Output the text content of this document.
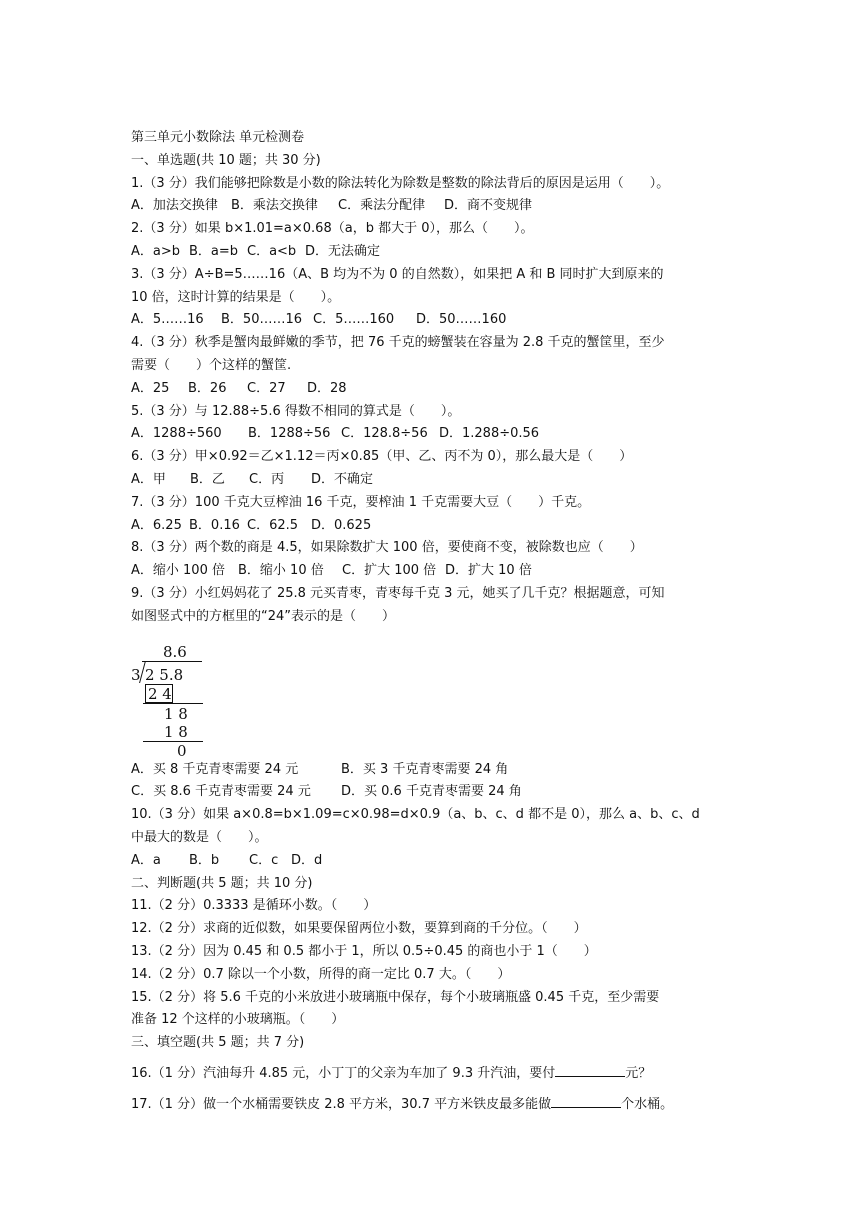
第三单元小数除法 单元检测卷
一、单选题(共 10 题；共 30 分)
1.（3 分）我们能够把除数是小数的除法转化为除数是整数的除法背后的原因是运用（　　）。
A．加法交换律	B．乘法交换律	C．乘法分配律	D．商不变规律
2.（3 分）如果 b×1.01=a×0.68（a，b 都大于 0），那么（　　）。
A．a>b B．a=b C．a<b D．无法确定
3.（3 分）A÷B=5……16（A、B 均为不为 0 的自然数），如果把 A 和 B 同时扩大到原来的
10 倍，这时计算的结果是（　　）。
A．5……16	B．50……16 C．5……160	D．50……160
4.（3 分）秋季是蟹肉最鲜嫩的季节，把 76 千克的螃蟹装在容量为 2.8 千克的蟹筐里，至少
需要（　　）个这样的蟹筐.
A．25	B．26	C．27	D．28
5.（3 分）与 12.88÷5.6 得数不相同的算式是（　　）。
A．1288÷560	B．1288÷56 C．128.8÷56 D．1.288÷0.56
6.（3 分）甲×0.92＝乙×1.12＝丙×0.85（甲、乙、丙不为 0），那么最大是（　　）
A．甲	B．乙	C．丙	D．不确定
7.（3 分）100 千克大豆榨油 16 千克，要榨油 1 千克需要大豆（　　）千克。
A．6.25 B．0.16 C．62.5 D．0.625
8.（3 分）两个数的商是 4.5，如果除数扩大 100 倍，要使商不变，被除数也应（　　）
A．缩小 100 倍	B．缩小 10 倍	C．扩大 100 倍 D．扩大 10 倍
9.（3 分）小红妈妈花了 25.8 元买青枣，青枣每千克 3 元，她买了几千克？根据题意，可知
如图竖式中的方框里的“24”表示的是（　　）
8.6
3 2 5.8
2 4
1 8
1 8
0
A．买 8 千克青枣需要 24 元	B．买 3 千克青枣需要 24 角
C．买 8.6 千克青枣需要 24 元	D．买 0.6 千克青枣需要 24 角
10.（3 分）如果 a×0.8=b×1.09=c×0.98=d×0.9（a、b、c、d 都不是 0），那么 a、b、c、d
中最大的数是（　　）。
A．a	B．b	C．c D．d
二、判断题(共 5 题；共 10 分)
11.（2 分）0.3333 是循环小数。（　　）
12.（2 分）求商的近似数，如果要保留两位小数，要算到商的千分位。（　　）
13.（2 分）因为 0.45 和 0.5 都小于 1，所以 0.5÷0.45 的商也小于 1（　　）
14.（2 分）0.7 除以一个小数，所得的商一定比 0.7 大。（　　）
15.（2 分）将 5.6 千克的小米放进小玻璃瓶中保存，每个小玻璃瓶盛 0.45 千克，至少需要
准备 12 个这样的小玻璃瓶。（　　）
三、填空题(共 5 题；共 7 分)
16.（1 分）汽油每升 4.85 元，小丁丁的父亲为车加了 9.3 升汽油，要付	元？
17.（1 分）做一个水桶需要铁皮 2.8 平方米，30.7 平方米铁皮最多能做	个水桶。
